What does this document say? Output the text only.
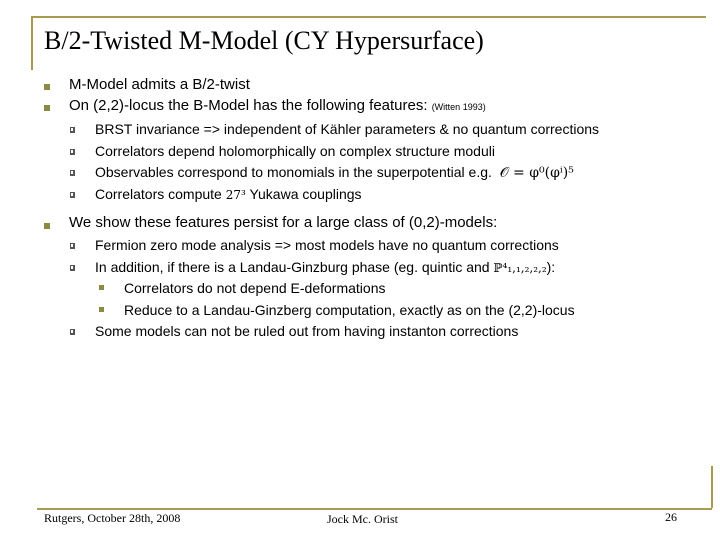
B/2-Twisted M-Model (CY Hypersurface)
M-Model admits a B/2-twist
On (2,2)-locus the B-Model has the following features: (Witten 1993)
BRST invariance => independent of Kähler parameters & no quantum corrections
Correlators depend holomorphically on complex structure moduli
Observables correspond to monomials in the superpotential e.g. 𝒪 = φ⁰(φⁱ)⁵
Correlators compute 27³ Yukawa couplings
We show these features persist for a large class of (0,2)-models:
Fermion zero mode analysis => most models have no quantum corrections
In addition, if there is a Landau-Ginzburg phase (eg. quintic and ℙ⁴₁,₁,₂,₂,₂):
Correlators do not depend E-deformations
Reduce to a Landau-Ginzberg computation, exactly as on the (2,2)-locus
Some models can not be ruled out from having instanton corrections
Rutgers, October 28th, 2008	Jock Mc. Orist	26
